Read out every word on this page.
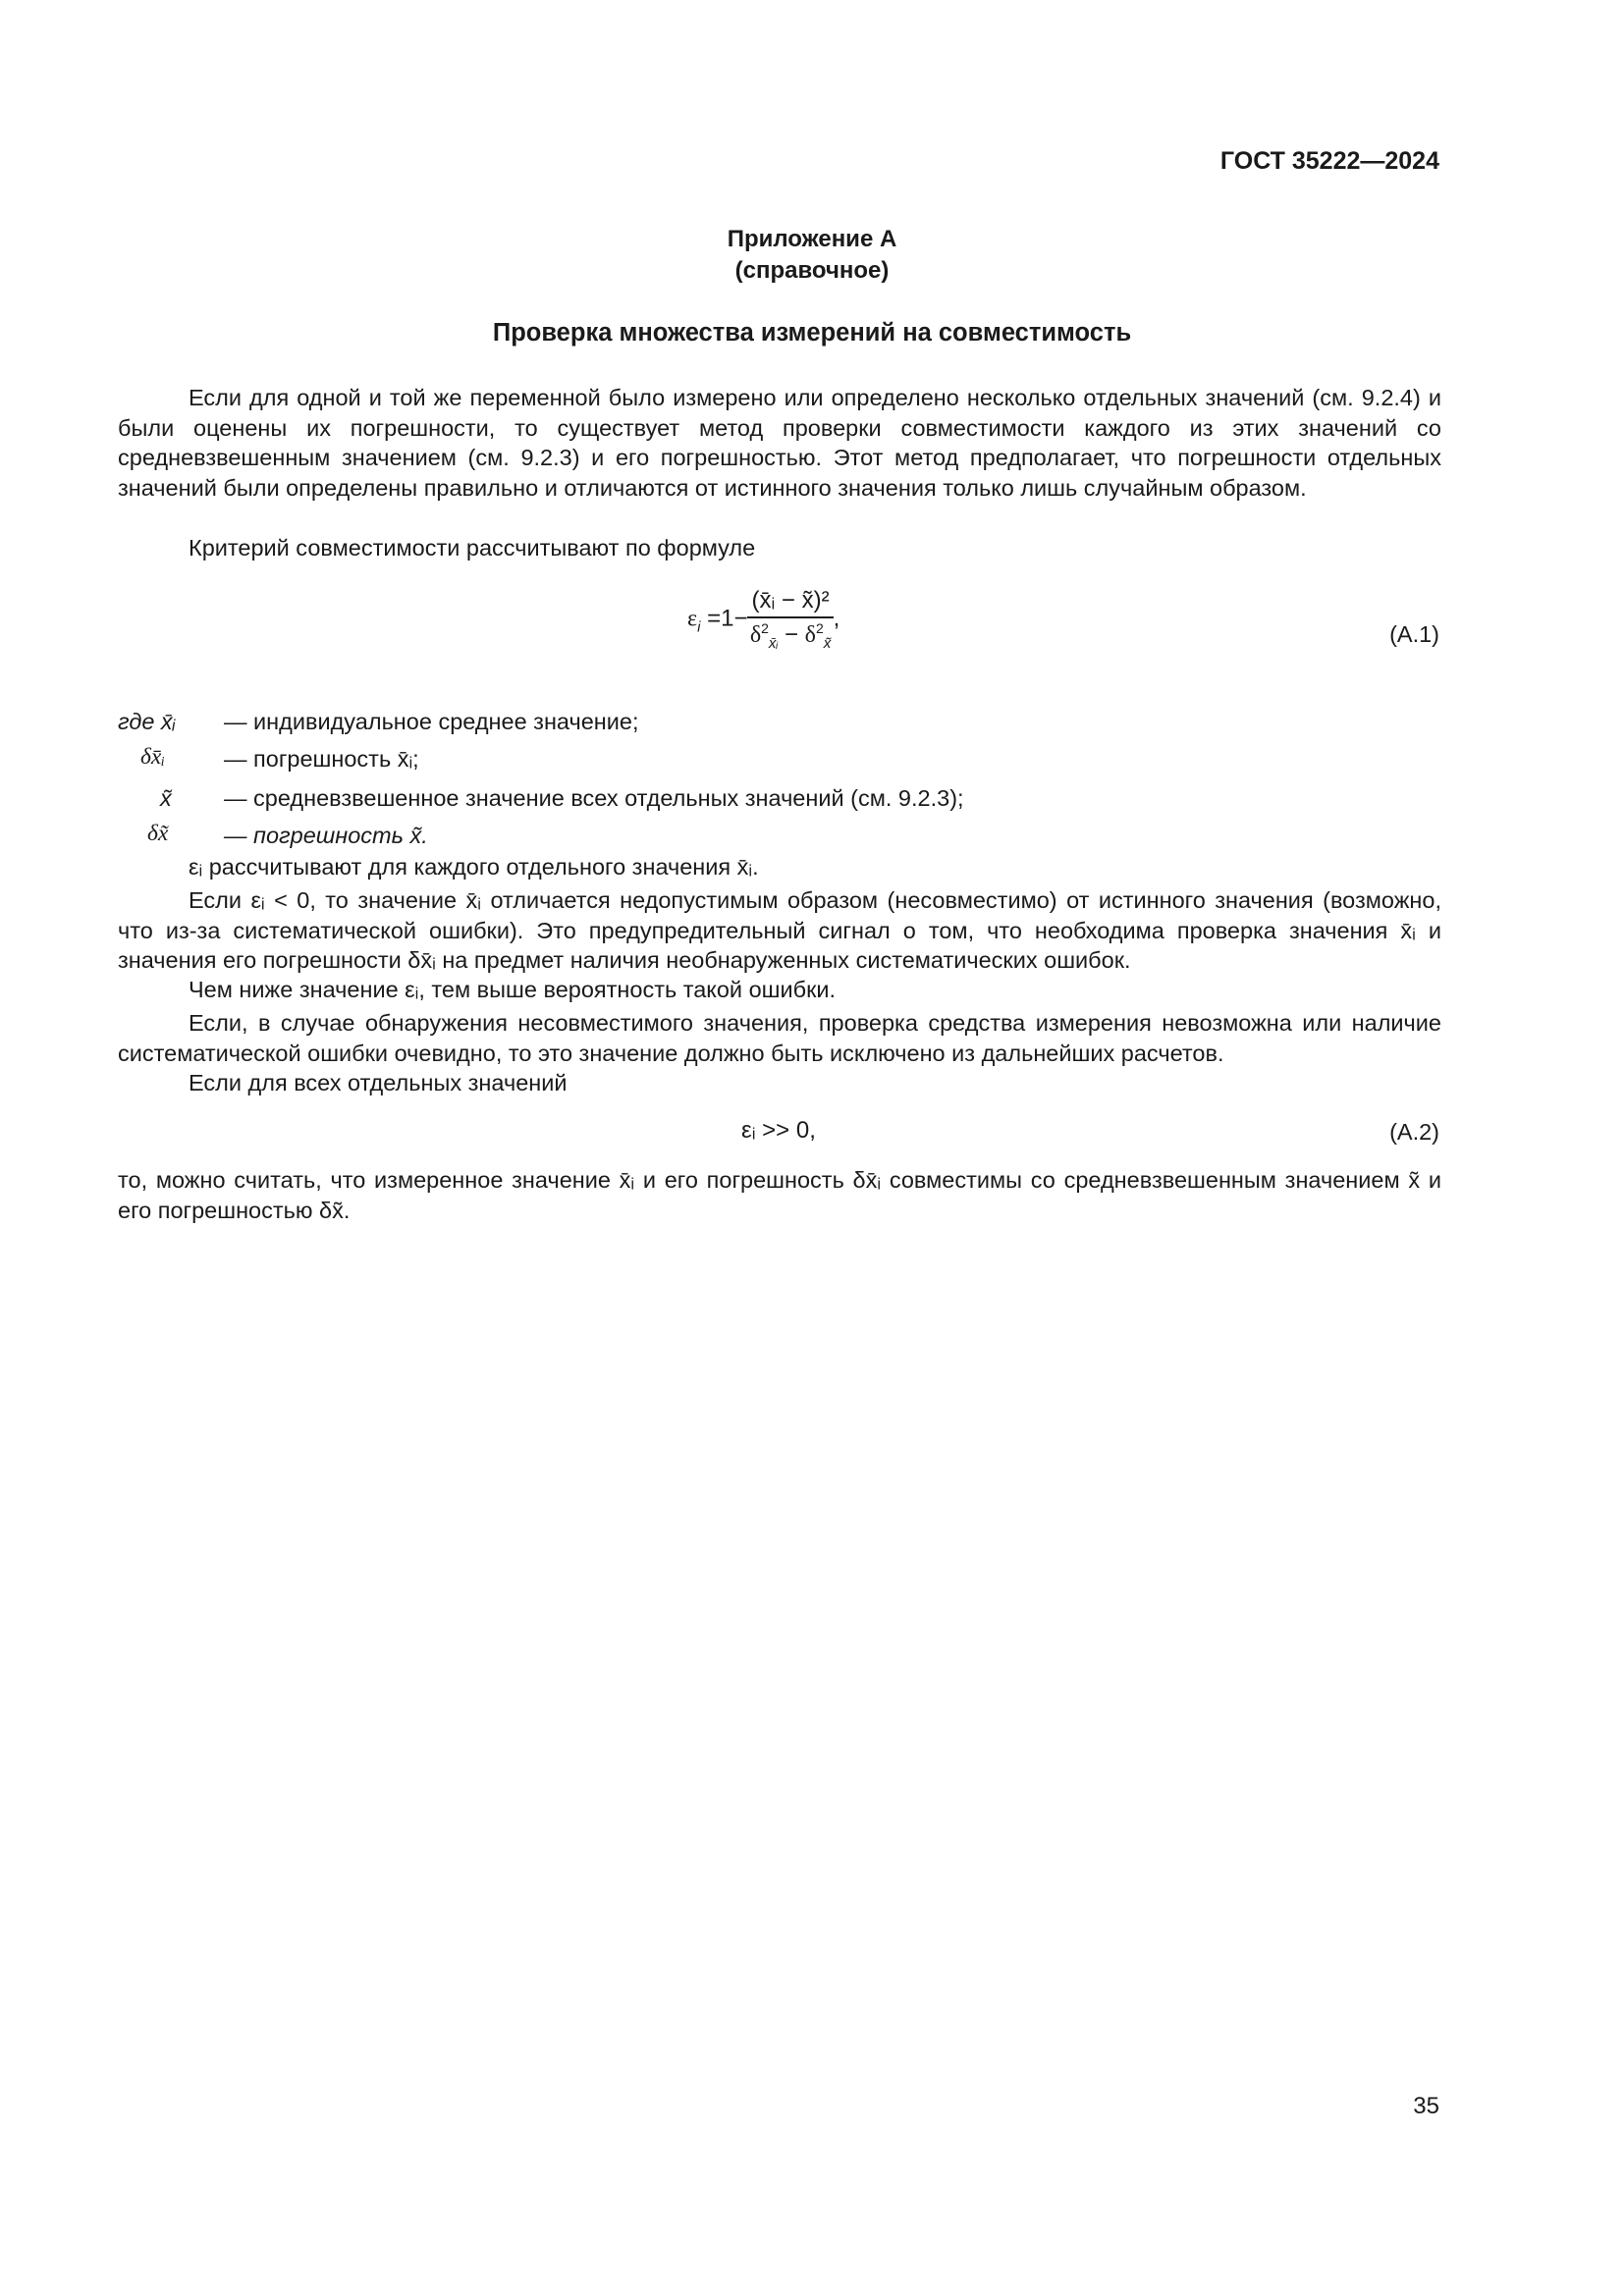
ГОСТ 35222—2024
Приложение А
(справочное)
Проверка множества измерений на совместимость
Если для одной и той же переменной было измерено или определено несколько отдельных значений (см. 9.2.4) и были оценены их погрешности, то существует метод проверки совместимости каждого из этих значений со средневзвешенным значением (см. 9.2.3) и его погрешностью. Этот метод предполагает, что погрешности отдельных значений были определены правильно и отличаются от истинного значения только лишь случайным образом.
Критерий совместимости рассчитывают по формуле
$\varepsilon_i =1- \frac{\text{(x̄ᵢ − x̃)²}}{\delta^2_{x̄ᵢ} - \delta^2_{x̃}}$ ,
(А.1)
где x̄ᵢ — индивидуальное среднее значение;
δx̄ᵢ	— погрешность x̄ᵢ;
x̃ — средневзвешенное значение всех отдельных значений (см. 9.2.3);
δx̃ — погрешность x̃.
εᵢ рассчитывают для каждого отдельного значения x̄ᵢ.
Если εᵢ < 0, то значение x̄ᵢ отличается недопустимым образом (несовместимо) от истинного значения (возможно, что из-за систематической ошибки). Это предупредительный сигнал о том, что необходима проверка значения x̄ᵢ и значения его погрешности δx̄ᵢ на предмет наличия необнаруженных систематических ошибок.
Чем ниже значение εᵢ, тем выше вероятность такой ошибки.
Если, в случае обнаружения несовместимого значения, проверка средства измерения невозможна или наличие систематической ошибки очевидно, то это значение должно быть исключено из дальнейших расчетов.
Если для всех отдельных значений
εᵢ >> 0,	(А.2)
то, можно считать, что измеренное значение x̄ᵢ и его погрешность δx̄ᵢ совместимы со средневзвешенным значением x̃ и его погрешностью δx̃.
35
